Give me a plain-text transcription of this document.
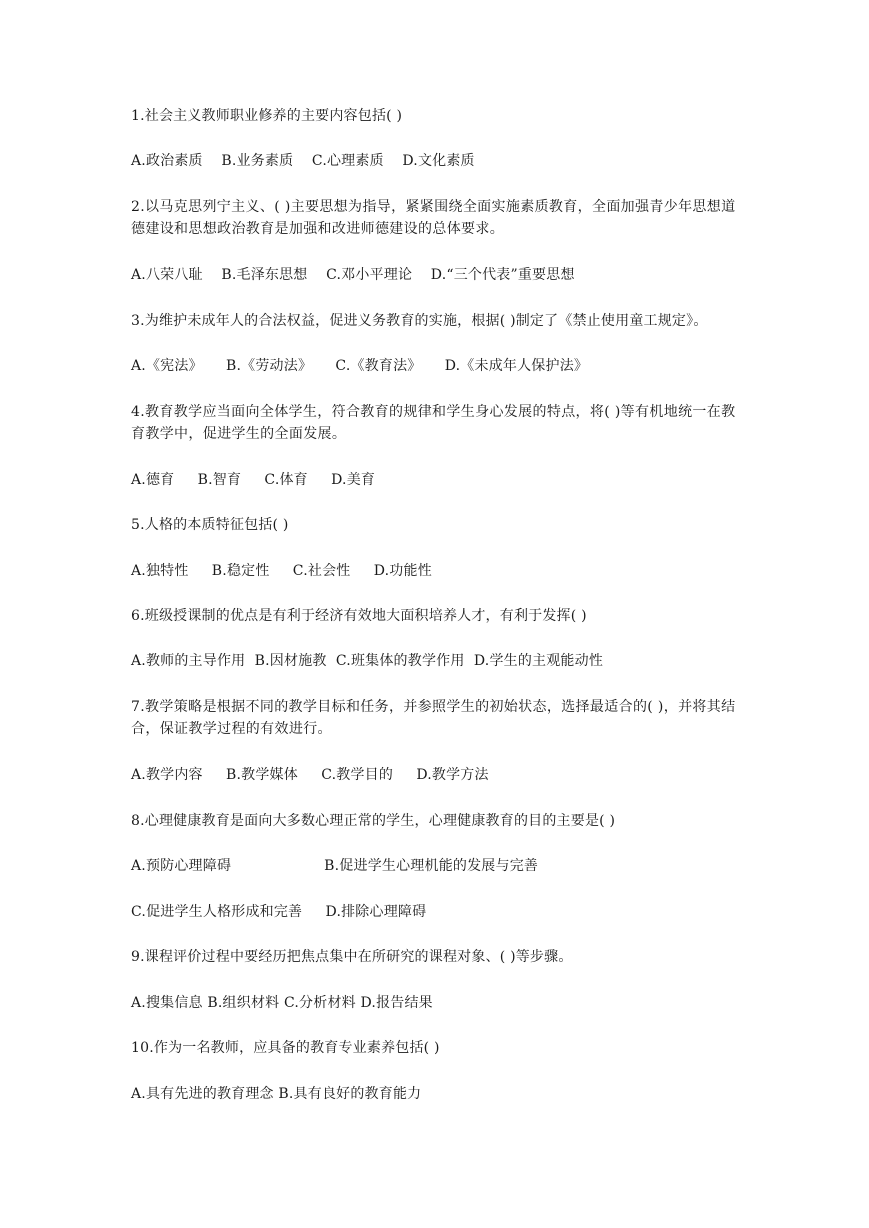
1.社会主义教师职业修养的主要内容包括( )
A.政治素质    B.业务素质    C.心理素质    D.文化素质
2.以马克思列宁主义、( )主要思想为指导，紧紧围绕全面实施素质教育，全面加强青少年思想道德建设和思想政治教育是加强和改进师德建设的总体要求。
A.八荣八耻    B.毛泽东思想    C.邓小平理论    D.“三个代表”重要思想
3.为维护未成年人的合法权益，促进义务教育的实施，根据( )制定了《禁止使用童工规定》。
A.《宪法》     B.《劳动法》     C.《教育法》     D.《未成年人保护法》
4.教育教学应当面向全体学生，符合教育的规律和学生身心发展的特点，将( )等有机地统一在教育教学中，促进学生的全面发展。
A.德育     B.智育     C.体育     D.美育
5.人格的本质特征包括( )
A.独特性     B.稳定性     C.社会性     D.功能性
6.班级授课制的优点是有利于经济有效地大面积培养人才，有利于发挥( )
A.教师的主导作用  B.因材施教  C.班集体的教学作用  D.学生的主观能动性
7.教学策略是根据不同的教学目标和任务，并参照学生的初始状态，选择最适合的( )，并将其结合，保证教学过程的有效进行。
A.教学内容     B.教学媒体     C.教学目的     D.教学方法
8.心理健康教育是面向大多数心理正常的学生，心理健康教育的目的主要是( )
A.预防心理障碍                    B.促进学生心理机能的发展与完善
C.促进学生人格形成和完善     D.排除心理障碍
9.课程评价过程中要经历把焦点集中在所研究的课程对象、( )等步骤。
A.搜集信息 B.组织材料 C.分析材料 D.报告结果
10.作为一名教师，应具备的教育专业素养包括( )
A.具有先进的教育理念 B.具有良好的教育能力
